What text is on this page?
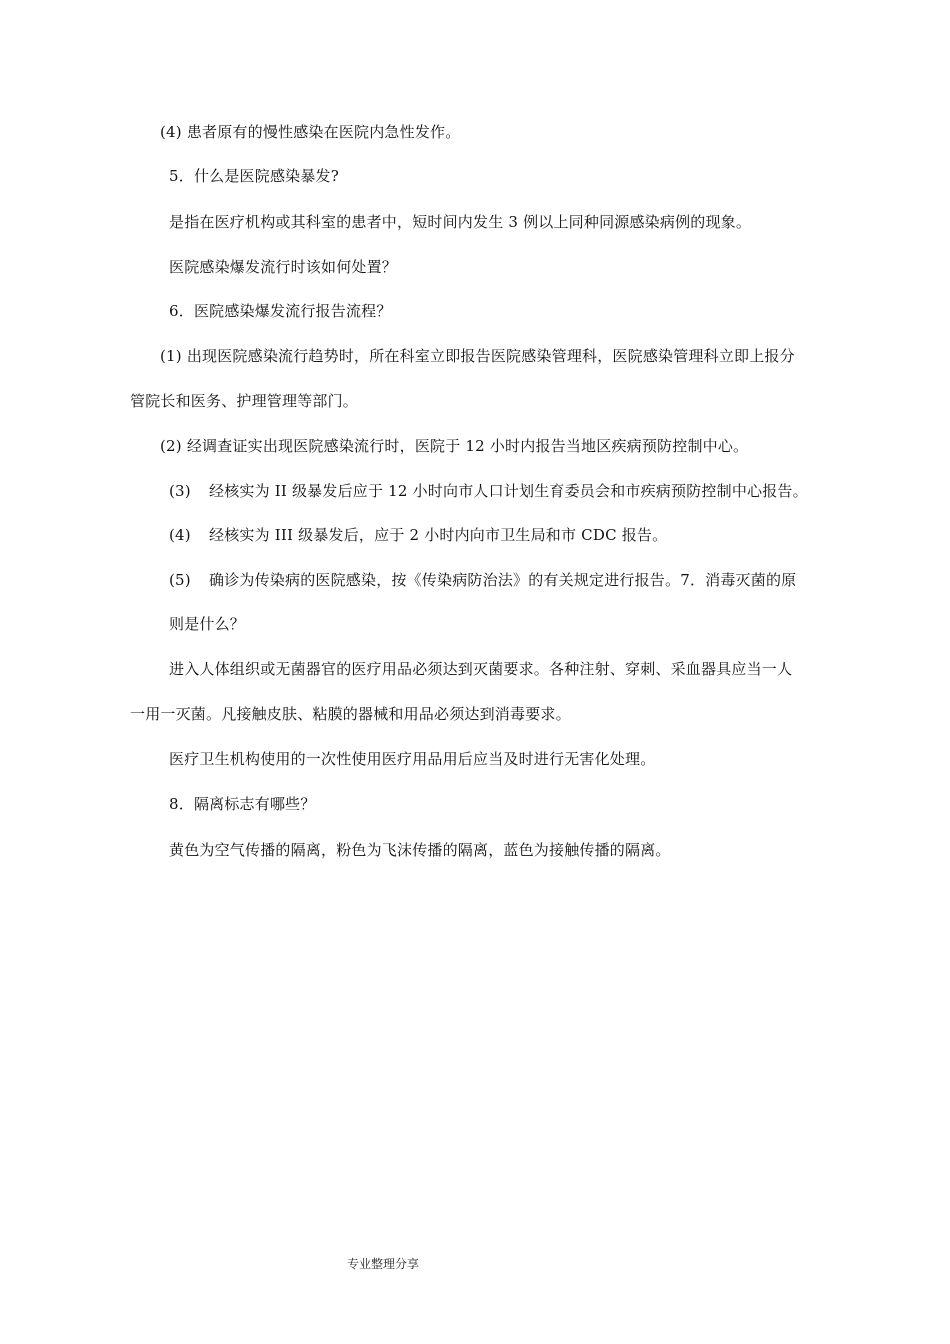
(4) 患者原有的慢性感染在医院内急性发作。
5．什么是医院感染暴发?
是指在医疗机构或其科室的患者中，短时间内发生 3 例以上同种同源感染病例的现象。
医院感染爆发流行时该如何处置？
6．医院感染爆发流行报告流程？
(1) 出现医院感染流行趋势时，所在科室立即报告医院感染管理科，医院感染管理科立即上报分
管院长和医务、护理管理等部门。
(2) 经调查证实出现医院感染流行时，医院于 12 小时内报告当地区疾病预防控制中心。
(3) 经核实为 II 级暴发后应于 12 小时向市人口计划生育委员会和市疾病预防控制中心报告。
(4) 经核实为 III 级暴发后，应于 2 小时内向市卫生局和市 CDC 报告。
(5) 确诊为传染病的医院感染，按《传染病防治法》的有关规定进行报告。7．消毒灭菌的原
则是什么？
进入人体组织或无菌器官的医疗用品必须达到灭菌要求。各种注射、穿刺、采血器具应当一人
一用一灭菌。凡接触皮肤、粘膜的器械和用品必须达到消毒要求。
医疗卫生机构使用的一次性使用医疗用品用后应当及时进行无害化处理。
8．隔离标志有哪些？
黄色为空气传播的隔离，粉色为飞沫传播的隔离，蓝色为接触传播的隔离。
专业整理分享
